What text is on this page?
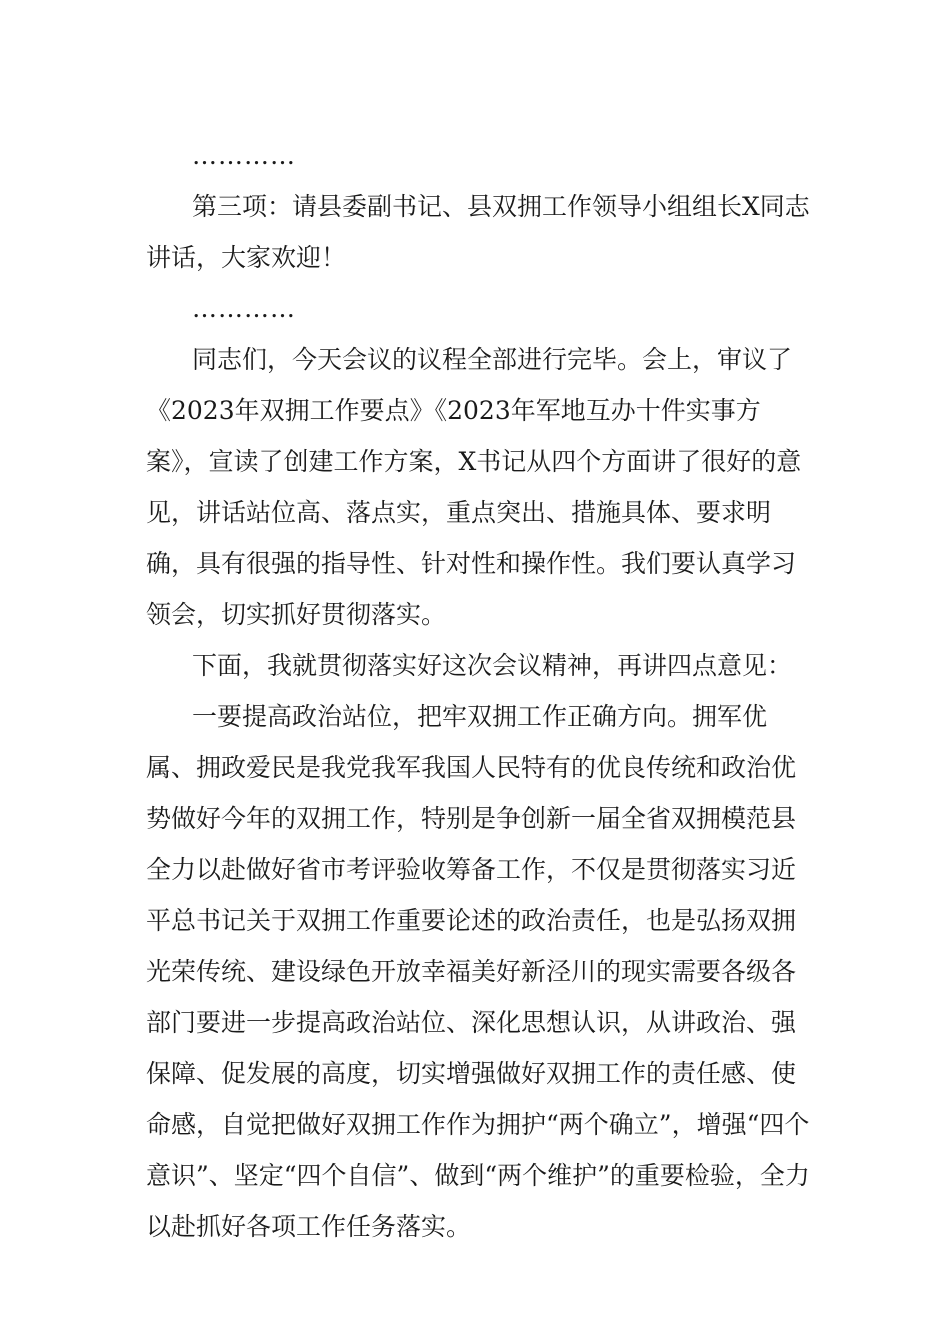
…………

第三项：请县委副书记、县双拥工作领导小组组长X同志讲话，大家欢迎！

…………

同志们，今天会议的议程全部进行完毕。会上，审议了《2023年双拥工作要点》《2023年军地互办十件实事方案》，宣读了创建工作方案，X书记从四个方面讲了很好的意见，讲话站位高、落点实，重点突出、措施具体、要求明确，具有很强的指导性、针对性和操作性。我们要认真学习领会，切实抓好贯彻落实。

下面，我就贯彻落实好这次会议精神，再讲四点意见：

一要提高政治站位，把牢双拥工作正确方向。拥军优属、拥政爱民是我党我军我国人民特有的优良传统和政治优势做好今年的双拥工作，特别是争创新一届全省双拥模范县全力以赴做好省市考评验收筹备工作，不仅是贯彻落实习近平总书记关于双拥工作重要论述的政治责任，也是弘扬双拥光荣传统、建设绿色开放幸福美好新泾川的现实需要各级各部门要进一步提高政治站位、深化思想认识，从讲政治、强保障、促发展的高度，切实增强做好双拥工作的责任感、使命感，自觉把做好双拥工作作为拥护“两个确立”，增强“四个意识”、坚定“四个自信”、做到“两个维护”的重要检验，全力以赴抓好各项工作任务落实。
